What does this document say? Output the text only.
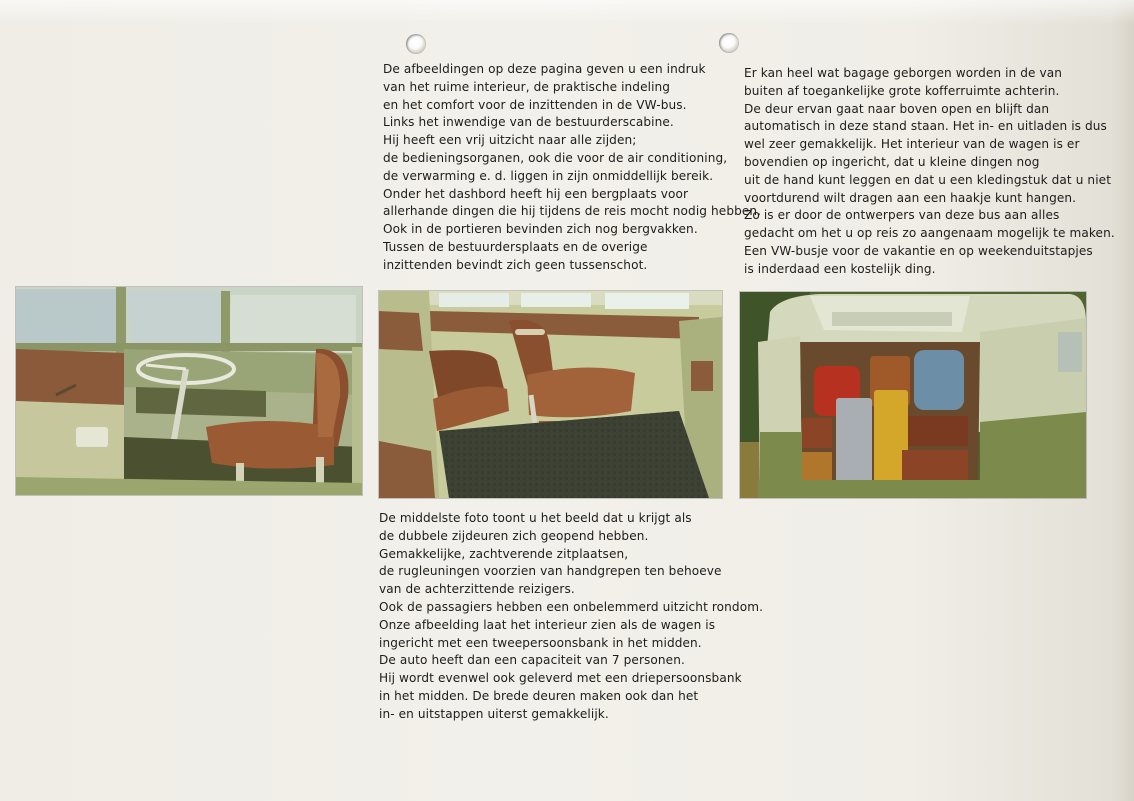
De afbeeldingen op deze pagina geven u een indruk
van het ruime interieur, de praktische indeling
en het comfort voor de inzittenden in de VW-bus.
Links het inwendige van de bestuurderscabine.
Hij heeft een vrij uitzicht naar alle zijden;
de bedieningsorganen, ook die voor de air conditioning,
de verwarming e. d. liggen in zijn onmiddellijk bereik.
Onder het dashbord heeft hij een bergplaats voor
allerhande dingen die hij tijdens de reis mocht nodig hebben.
Ook in de portieren bevinden zich nog bergvakken.
Tussen de bestuurdersplaats en de overige
inzittenden bevindt zich geen tussenschot.
Er kan heel wat bagage geborgen worden in de van
buiten af toegankelijke grote kofferruimte achterin.
De deur ervan gaat naar boven open en blijft dan
automatisch in deze stand staan. Het in- en uitladen is dus
wel zeer gemakkelijk. Het interieur van de wagen is er
bovendien op ingericht, dat u kleine dingen nog
uit de hand kunt leggen en dat u een kledingstuk dat u niet
voortdurend wilt dragen aan een haakje kunt hangen.
Zo is er door de ontwerpers van deze bus aan alles
gedacht om het u op reis zo aangenaam mogelijk te maken.
Een VW-busje voor de vakantie en op weekenduitstapjes
is inderdaad een kostelijk ding.
De middelste foto toont u het beeld dat u krijgt als
de dubbele zijdeuren zich geopend hebben.
Gemakkelijke, zachtverende zitplaatsen,
de rugleuningen voorzien van handgrepen ten behoeve
van de achterzittende reizigers.
Ook de passagiers hebben een onbelemmerd uitzicht rondom.
Onze afbeelding laat het interieur zien als de wagen is
ingericht met een tweepersoonsbank in het midden.
De auto heeft dan een capaciteit van 7 personen.
Hij wordt evenwel ook geleverd met een driepersoonsbank
in het midden. De brede deuren maken ook dan het
in- en uitstappen uiterst gemakkelijk.
